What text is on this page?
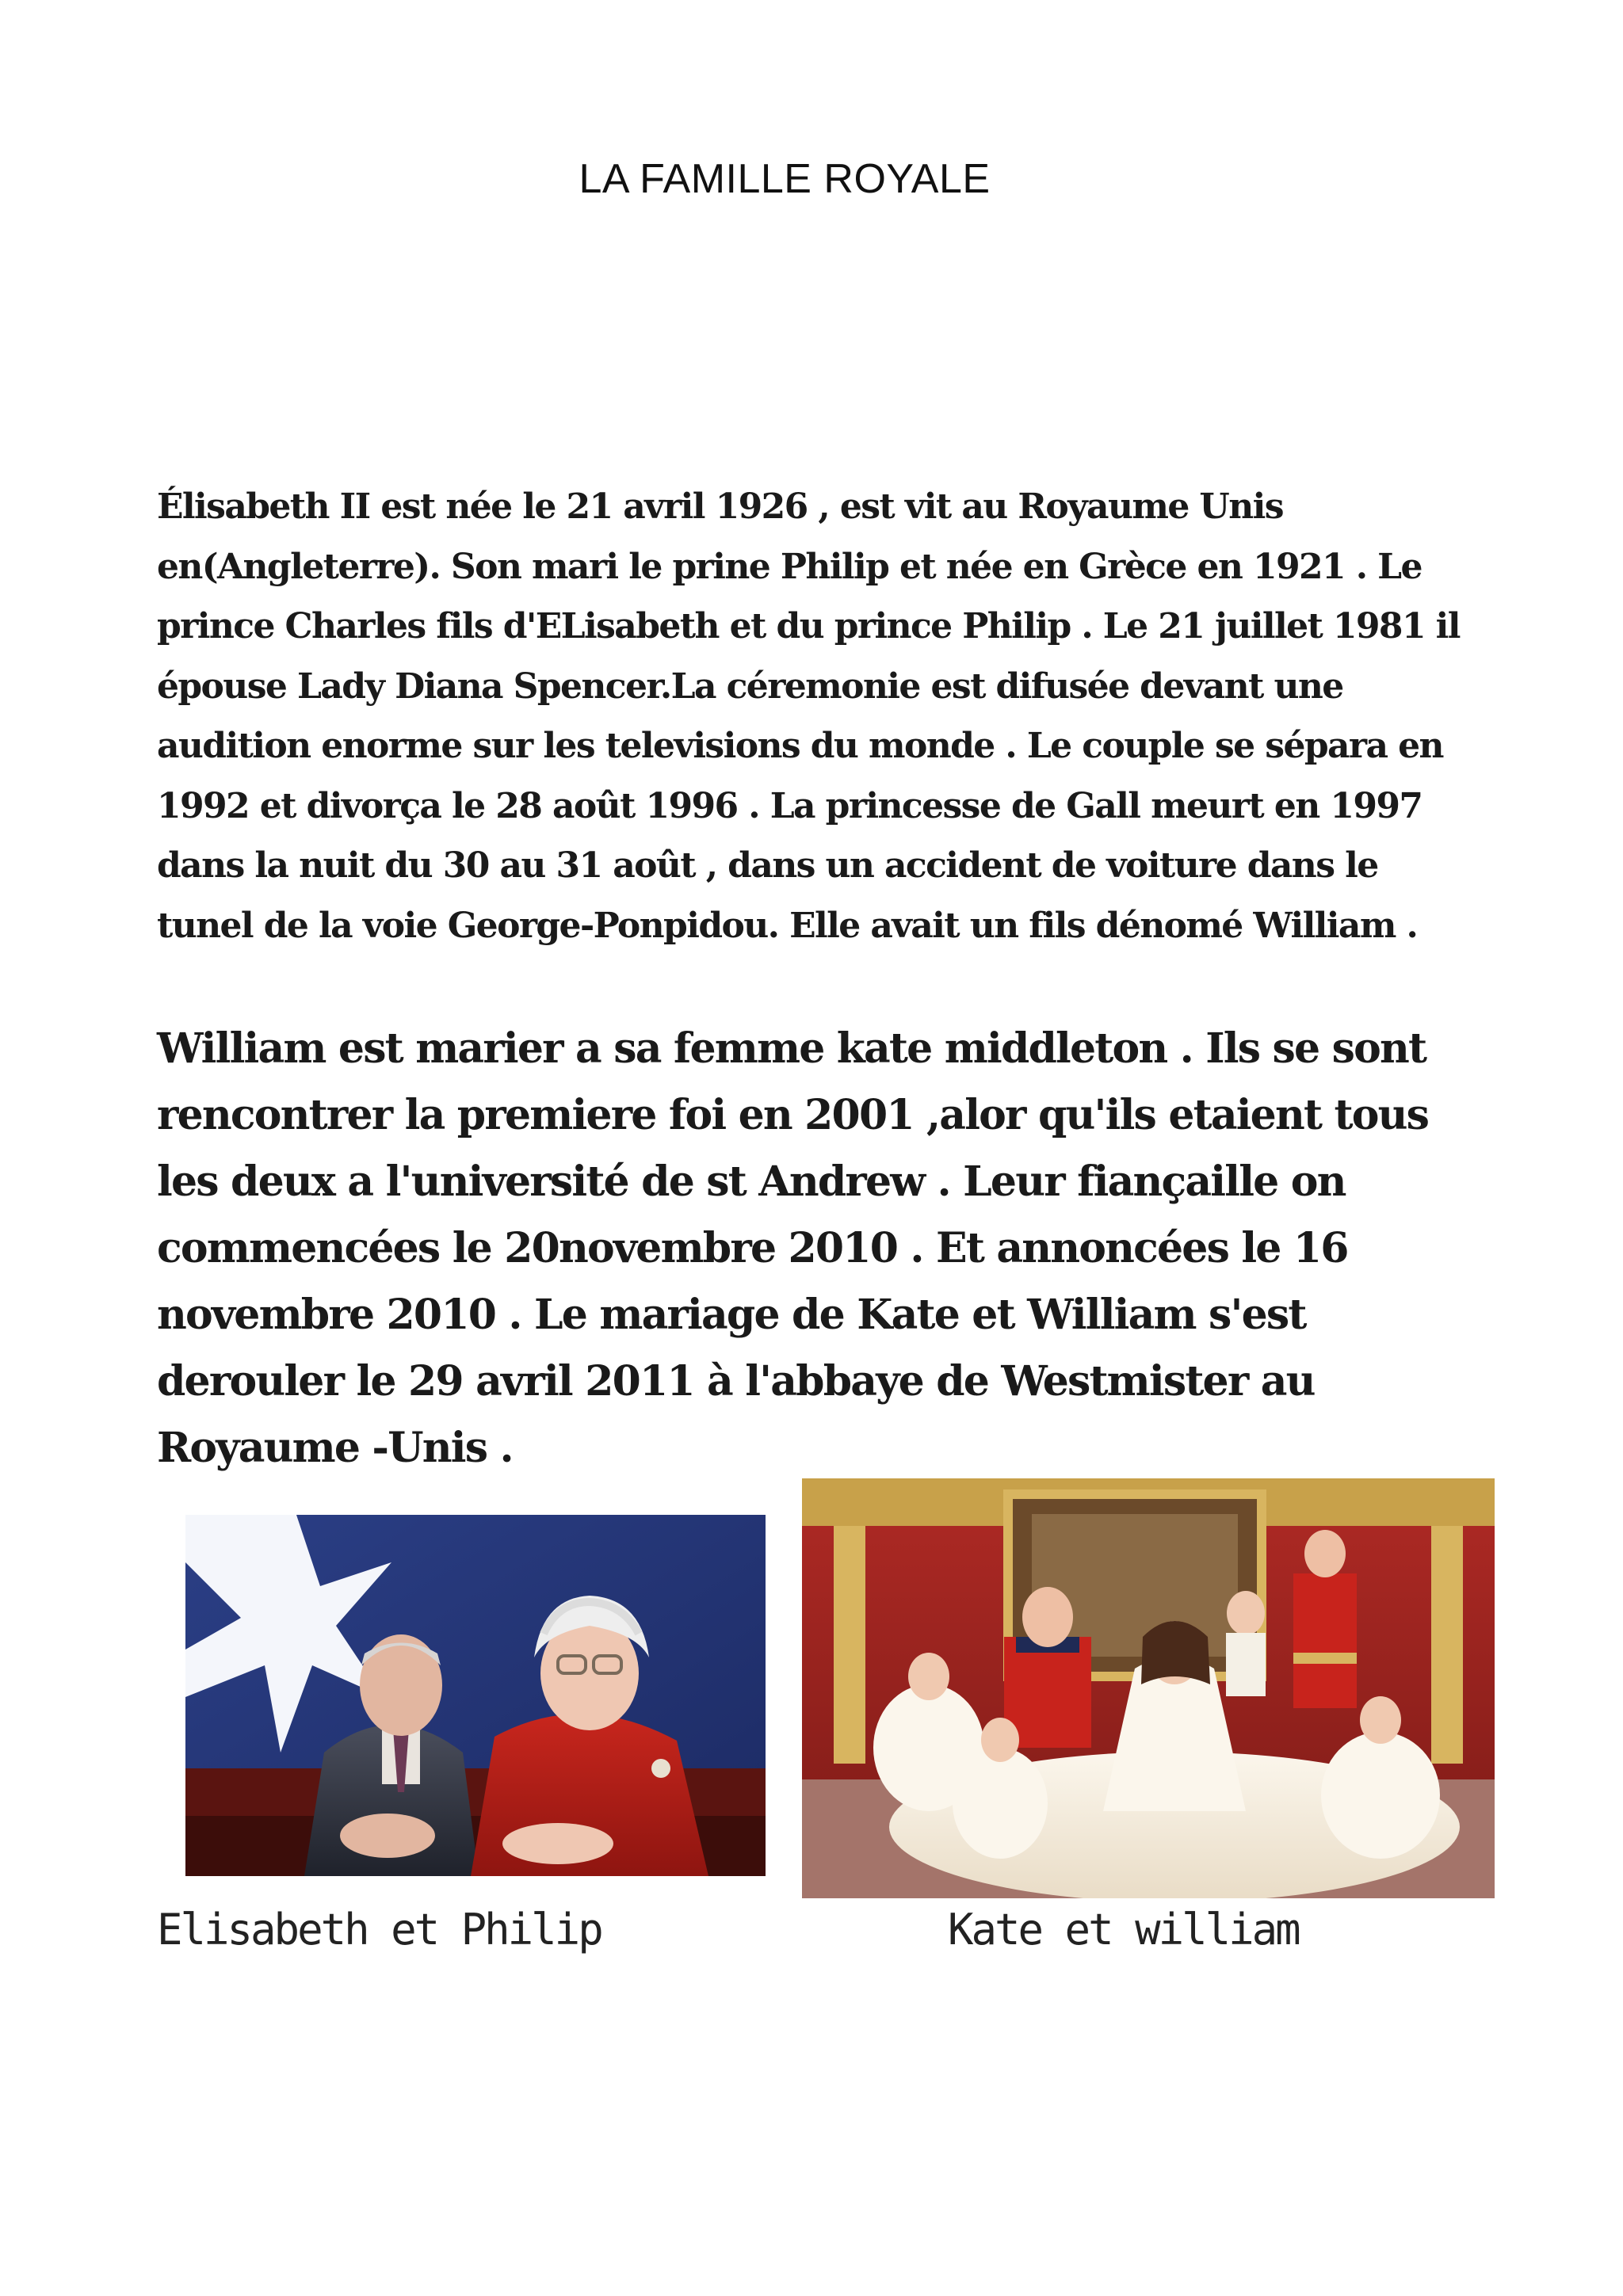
LA FAMILLE ROYALE

Élisabeth II est née le 21 avril 1926 , est vit au Royaume Unis en(Angleterre). Son mari le prine Philip et née en Grèce en 1921 . Le prince Charles fils d'ELisabeth et du prince Philip . Le 21 juillet 1981 il épouse Lady Diana Spencer.La céremonie est difusée devant une audition enorme sur les televisions du monde . Le couple se sépara en 1992 et divorça le 28 août 1996 . La princesse de Gall meurt en 1997 dans la nuit du 30 au 31 août , dans un accident de voiture dans le tunel de la voie George-Ponpidou. Elle avait un fils dénomé William .

William est marier a sa femme kate middleton . Ils se sont rencontrer la premiere foi en 2001 ,alor qu'ils etaient tous les deux a l'université de st Andrew . Leur fiançaille on commencées le 20novembre 2010 . Et annoncées le 16 novembre 2010 . Le mariage de Kate et William s'est derouler le 29 avril 2011 à l'abbaye de Westmister au Royaume -Unis .

Elisabeth et Philip	Kate et william
